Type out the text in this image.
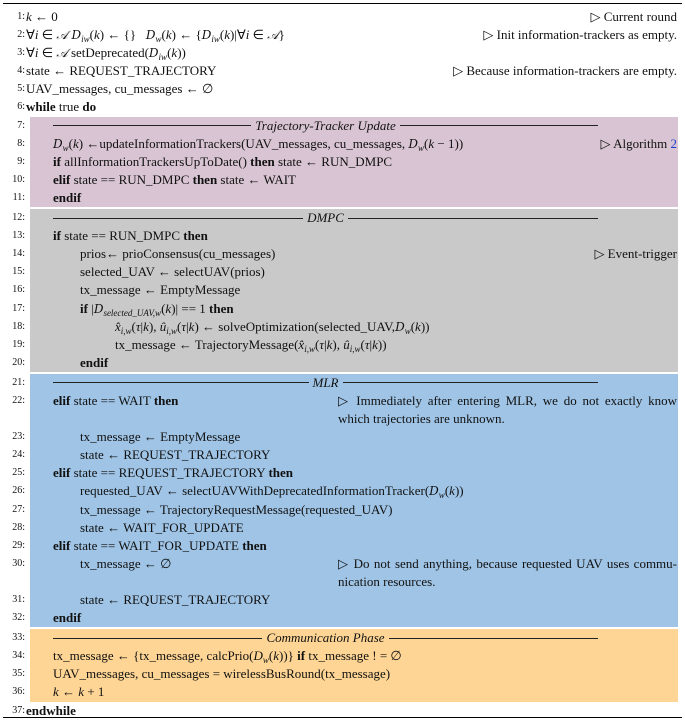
1: k ← 0	▷ Current round
2: ∀i ∈ 𝒜 $D_{iw}(k)$ ← {}   $D_w(k)$ ← {$D_{iw}(k)|\forall i$ ∈ 𝒜}	▷ Init information-trackers as empty.
3: ∀i ∈ 𝒜 $setDeprecated(D_{iw}(k))$
4: state ← REQUEST_TRAJECTORY	▷ Because information-trackers are empty.
5: UAV_messages, cu_messages ← ∅
6: while true do
7:	Trajectory-Tracker Update
8: $D_w(k)$ ←updateInformationTrackers(UAV_messages, cu_messages, $D_w(k - 1)$)	▷ Algorithm 2
9: if allInformationTrackersUpToDate() then state ← RUN_DMPC
10: elif state == RUN_DMPC then state ← WAIT
11: endif
12:	DMPC
13: if state == RUN_DMPC then
14:	prios← prioConsensus(cu_messages)	▷ Event-trigger
15:	selected_UAV ← selectUAV(prios)
16:	tx_message ← EmptyMessage
17:	if $|D_{selected\_UAV,w}(k)| == 1$ then
18:	$x̂_{i,w}(\tau|k)$, $û_{i,w}(\tau|k)$ ← $solveOptimization(selected\_UAV,D_w(k))$
19:	tx_message ← $TrajectoryMessage(x̂_{i,w}(\tau|k)$, $û_{i,w}(\tau|k)$)
20:	endif
21:	MLR
22: elif state == WAIT then	▷ Immediately after entering MLR, we do not exactly know which trajectories are unknown.
23:	tx_message ← EmptyMessage
24:	state ← REQUEST_TRAJECTORY
25: elif state == REQUEST_TRAJECTORY then
26:	requested_UAV ← $selectUAVWithDeprecatedInformationTracker(D_w(k))$
27:	tx_message ← TrajectoryRequestMessage(requested_UAV)
28:	state ← WAIT_FOR_UPDATE
29: elif state == WAIT_FOR_UPDATE then
30:	tx_message ← ∅	▷ Do not send anything, because requested UAV uses commu- nication resources.
31:	state ← REQUEST_TRAJECTORY
32: endif
33:	Communication Phase
34: tx_message ← {tx_message, $calcPrio(D_w(k))$} if tx_message ! = ∅
35: UAV_messages, cu_messages = wirelessBusRound(tx_message)
36: k ← k + 1
37: endwhile
